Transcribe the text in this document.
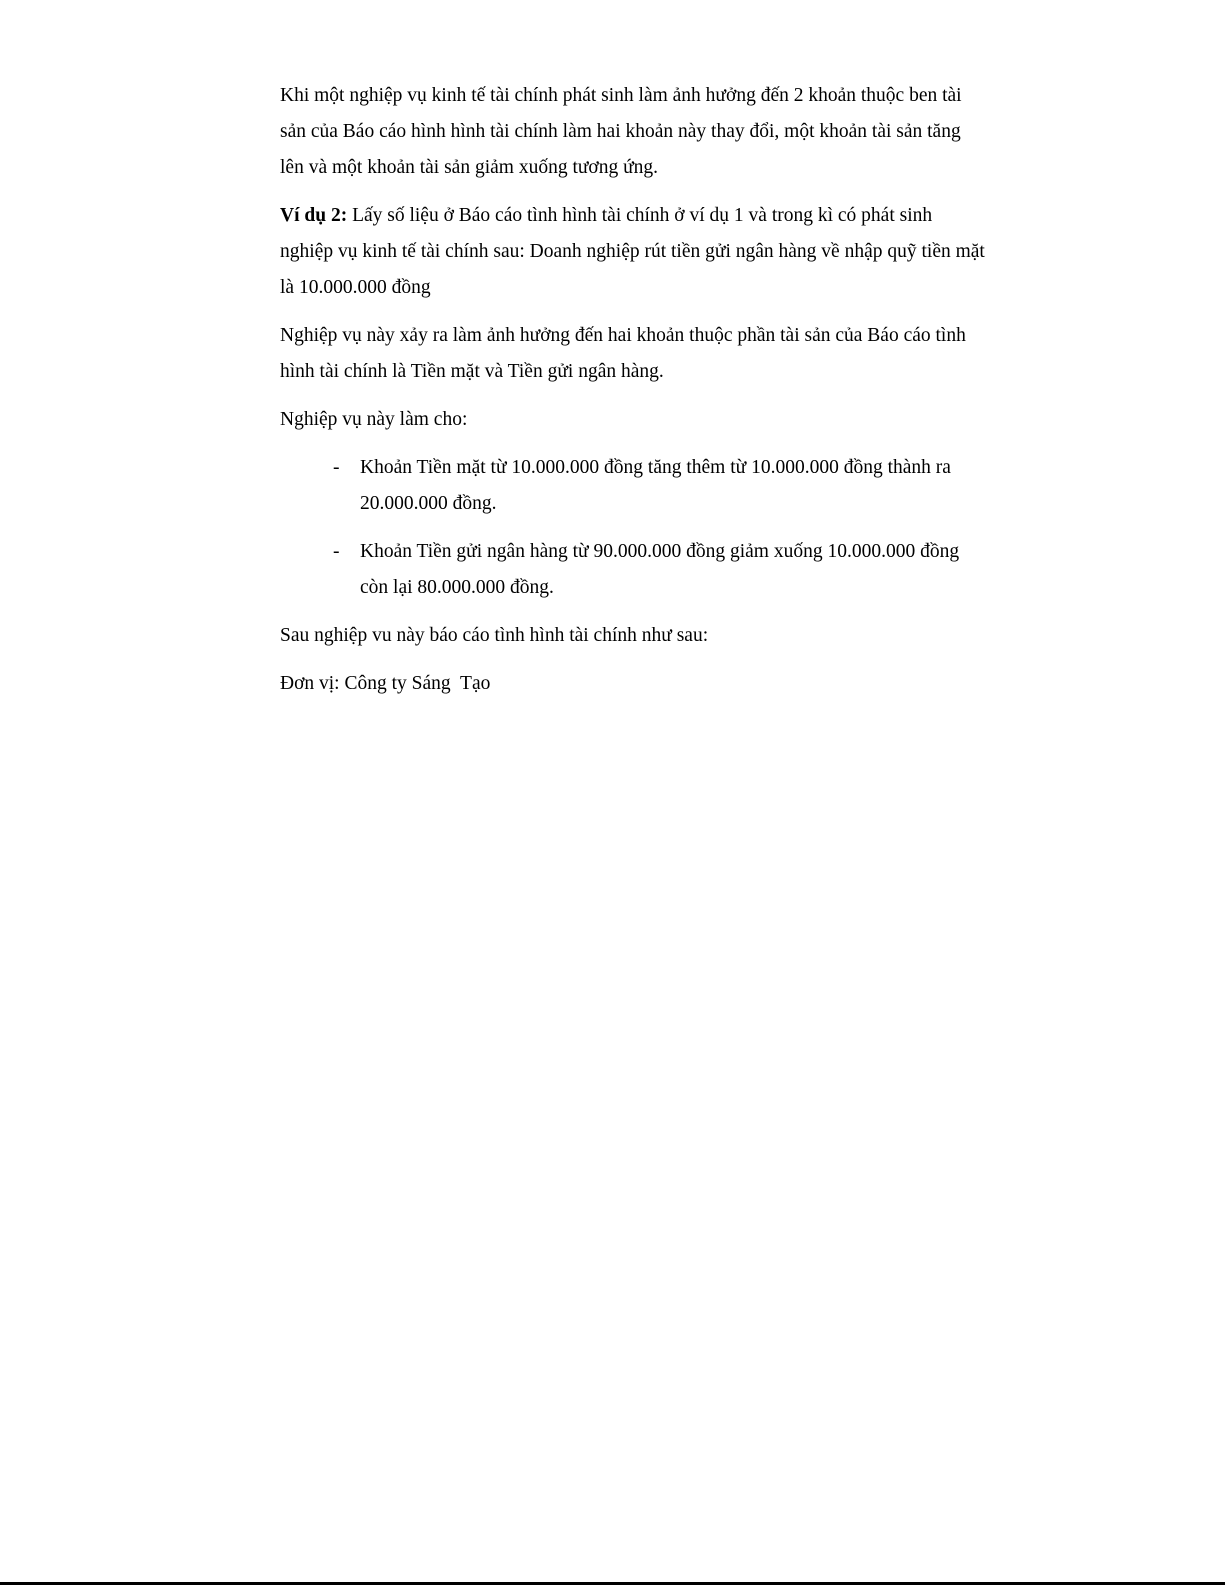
Khi một nghiệp vụ kinh tế tài chính phát sinh làm ảnh hưởng đến 2 khoản thuộc ben tài sản của Báo cáo hình hình tài chính làm hai khoản này thay đổi, một khoản tài sản tăng lên và một khoản tài sản giảm xuống tương ứng.

Ví dụ 2: Lấy số liệu ở Báo cáo tình hình tài chính ở ví dụ 1 và trong kì có phát sinh nghiệp vụ kinh tế tài chính sau: Doanh nghiệp rút tiền gửi ngân hàng về nhập quỹ tiền mặt là 10.000.000 đồng

Nghiệp vụ này xảy ra làm ảnh hưởng đến hai khoản thuộc phần tài sản của Báo cáo tình hình tài chính là Tiền mặt và Tiền gửi ngân hàng.

Nghiệp vụ này làm cho:

- Khoản Tiền mặt từ 10.000.000 đồng tăng thêm từ 10.000.000 đồng thành ra 20.000.000 đồng.
- Khoản Tiền gửi ngân hàng từ 90.000.000 đồng giảm xuống 10.000.000 đồng còn lại 80.000.000 đồng.

Sau nghiệp vu này báo cáo tình hình tài chính như sau:

Đơn vị: Công ty Sáng  Tạo
